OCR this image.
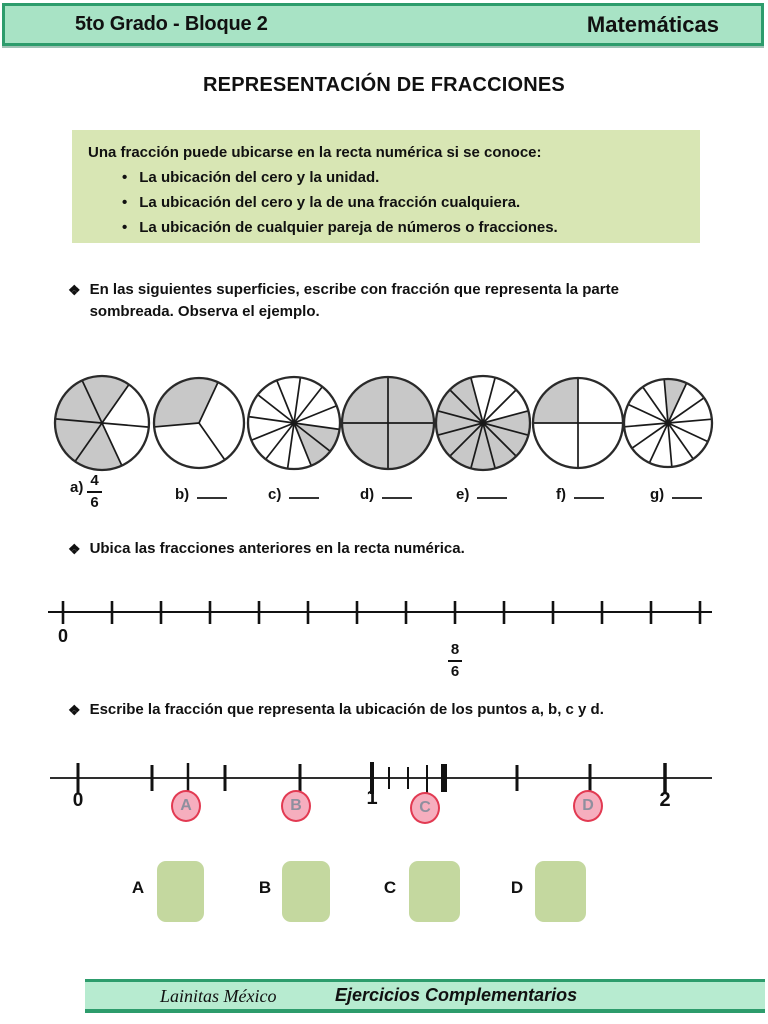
5to Grado - Bloque 2	Matemáticas
REPRESENTACIÓN DE FRACCIONES

Una fracción puede ubicarse en la recta numérica si se conoce:

• La ubicación del cero y la unidad.
• La ubicación del cero y la de una fracción cualquiera.
• La ubicación de cualquier pareja de números o fracciones.
❖ En las siguientes superficies, escribe con fracción que representa la parte sombreada. Observa el ejemplo.
$a) \frac{4}{6}$	b)	c)	d)	e)	f)	g)
❖ Ubica las fracciones anteriores en la recta numérica.
0
$\frac{8}{6}$
❖ Escribe la fracción que representa la ubicación de los puntos a, b, c y d.
0	1	2
A	B	C	D
A	B	C	D
Lainitas México	Ejercicios Complementarios
